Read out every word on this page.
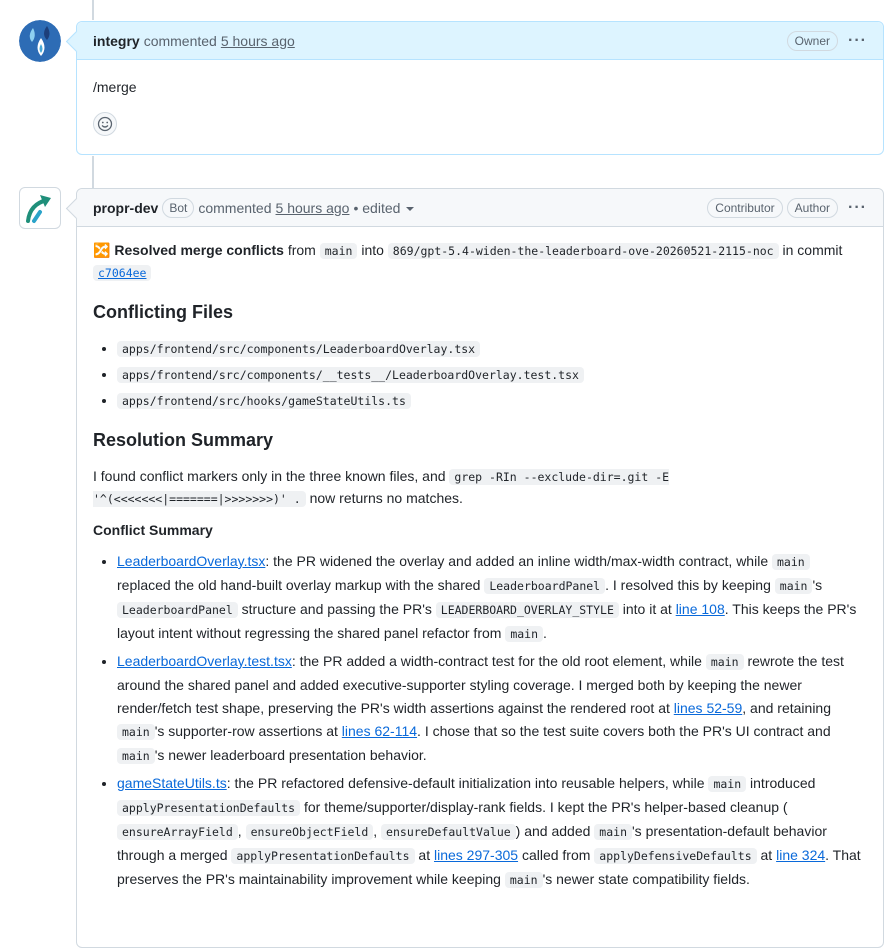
integry commented 5 hours ago	Owner	···
/merge
propr-dev Bot commented 5 hours ago • edited	Contributor	Author	···

🔀 Resolved merge conflicts from main into 869/gpt-5.4-widen-the-leaderboard-ove-20260521-2115-noc in commit c7064ee

Conflicting Files
• apps/frontend/src/components/LeaderboardOverlay.tsx
• apps/frontend/src/components/__tests__/LeaderboardOverlay.test.tsx
• apps/frontend/src/hooks/gameStateUtils.ts
Resolution Summary

I found conflict markers only in the three known files, and grep -RIn --exclude-dir=.git -E '^(<<<<<<<|=======|>>>>>>>)' . now returns no matches.

Conflict Summary
• LeaderboardOverlay.tsx: the PR widened the overlay and added an inline width/max-width contract, while main replaced the old hand-built overlay markup with the shared LeaderboardPanel . I resolved this by keeping main 's LeaderboardPanel structure and passing the PR's LEADERBOARD_OVERLAY_STYLE into it at line 108. This keeps the PR's layout intent without regressing the shared panel refactor from main .
• LeaderboardOverlay.test.tsx: the PR added a width-contract test for the old root element, while main rewrote the test around the shared panel and added executive-supporter styling coverage. I merged both by keeping the newer render/fetch test shape, preserving the PR's width assertions against the rendered root at lines 52-59, and retaining main 's supporter-row assertions at lines 62-114. I chose that so the test suite covers both the PR's UI contract and main 's newer leaderboard presentation behavior.
• gameStateUtils.ts: the PR refactored defensive-default initialization into reusable helpers, while main introduced applyPresentationDefaults for theme/supporter/display-rank fields. I kept the PR's helper-based cleanup ( ensureArrayField , ensureObjectField , ensureDefaultValue ) and added main 's presentation-default behavior through a merged applyPresentationDefaults at lines 297-305 called from applyDefensiveDefaults at line 324. That preserves the PR's maintainability improvement while keeping main 's newer state compatibility fields.
